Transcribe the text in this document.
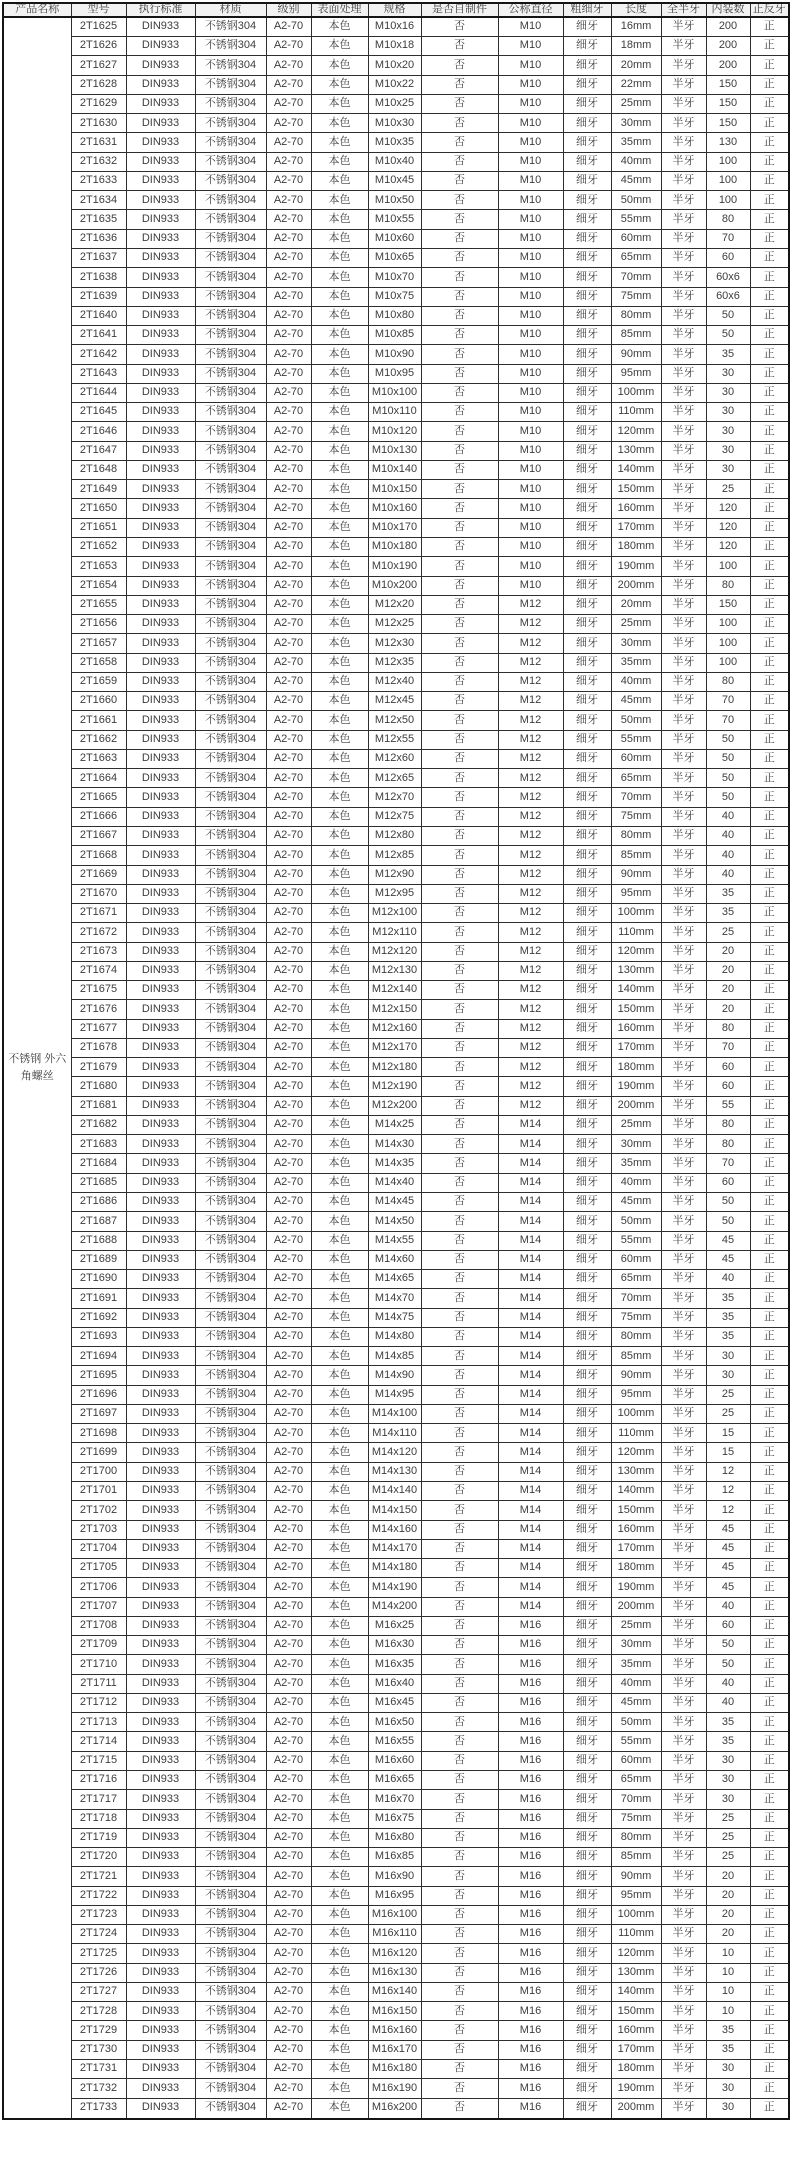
产品名称	型号	执行标准	材质	级别	表面处理	规格	是否自制件	公称直径	粗细牙	长度	全半牙	内装数	正反牙
不锈钢 外六角螺丝	2T1625	DIN933	不锈钢304	A2-70	本色	M10x16	否	M10	细牙	16mm	半牙	200	正
	2T1626	DIN933	不锈钢304	A2-70	本色	M10x18	否	M10	细牙	18mm	半牙	200	正
	2T1627	DIN933	不锈钢304	A2-70	本色	M10x20	否	M10	细牙	20mm	半牙	200	正
	2T1628	DIN933	不锈钢304	A2-70	本色	M10x22	否	M10	细牙	22mm	半牙	150	正
	2T1629	DIN933	不锈钢304	A2-70	本色	M10x25	否	M10	细牙	25mm	半牙	150	正
	2T1630	DIN933	不锈钢304	A2-70	本色	M10x30	否	M10	细牙	30mm	半牙	150	正
	2T1631	DIN933	不锈钢304	A2-70	本色	M10x35	否	M10	细牙	35mm	半牙	130	正
	2T1632	DIN933	不锈钢304	A2-70	本色	M10x40	否	M10	细牙	40mm	半牙	100	正
	2T1633	DIN933	不锈钢304	A2-70	本色	M10x45	否	M10	细牙	45mm	半牙	100	正
	2T1634	DIN933	不锈钢304	A2-70	本色	M10x50	否	M10	细牙	50mm	半牙	100	正
	2T1635	DIN933	不锈钢304	A2-70	本色	M10x55	否	M10	细牙	55mm	半牙	80	正
	2T1636	DIN933	不锈钢304	A2-70	本色	M10x60	否	M10	细牙	60mm	半牙	70	正
	2T1637	DIN933	不锈钢304	A2-70	本色	M10x65	否	M10	细牙	65mm	半牙	60	正
	2T1638	DIN933	不锈钢304	A2-70	本色	M10x70	否	M10	细牙	70mm	半牙	60x6	正
	2T1639	DIN933	不锈钢304	A2-70	本色	M10x75	否	M10	细牙	75mm	半牙	60x6	正
	2T1640	DIN933	不锈钢304	A2-70	本色	M10x80	否	M10	细牙	80mm	半牙	50	正
	2T1641	DIN933	不锈钢304	A2-70	本色	M10x85	否	M10	细牙	85mm	半牙	50	正
	2T1642	DIN933	不锈钢304	A2-70	本色	M10x90	否	M10	细牙	90mm	半牙	35	正
	2T1643	DIN933	不锈钢304	A2-70	本色	M10x95	否	M10	细牙	95mm	半牙	30	正
	2T1644	DIN933	不锈钢304	A2-70	本色	M10x100	否	M10	细牙	100mm	半牙	30	正
	2T1645	DIN933	不锈钢304	A2-70	本色	M10x110	否	M10	细牙	110mm	半牙	30	正
	2T1646	DIN933	不锈钢304	A2-70	本色	M10x120	否	M10	细牙	120mm	半牙	30	正
	2T1647	DIN933	不锈钢304	A2-70	本色	M10x130	否	M10	细牙	130mm	半牙	30	正
	2T1648	DIN933	不锈钢304	A2-70	本色	M10x140	否	M10	细牙	140mm	半牙	30	正
	2T1649	DIN933	不锈钢304	A2-70	本色	M10x150	否	M10	细牙	150mm	半牙	25	正
	2T1650	DIN933	不锈钢304	A2-70	本色	M10x160	否	M10	细牙	160mm	半牙	120	正
	2T1651	DIN933	不锈钢304	A2-70	本色	M10x170	否	M10	细牙	170mm	半牙	120	正
	2T1652	DIN933	不锈钢304	A2-70	本色	M10x180	否	M10	细牙	180mm	半牙	120	正
	2T1653	DIN933	不锈钢304	A2-70	本色	M10x190	否	M10	细牙	190mm	半牙	100	正
	2T1654	DIN933	不锈钢304	A2-70	本色	M10x200	否	M10	细牙	200mm	半牙	80	正
	2T1655	DIN933	不锈钢304	A2-70	本色	M12x20	否	M12	细牙	20mm	半牙	150	正
	2T1656	DIN933	不锈钢304	A2-70	本色	M12x25	否	M12	细牙	25mm	半牙	100	正
	2T1657	DIN933	不锈钢304	A2-70	本色	M12x30	否	M12	细牙	30mm	半牙	100	正
	2T1658	DIN933	不锈钢304	A2-70	本色	M12x35	否	M12	细牙	35mm	半牙	100	正
	2T1659	DIN933	不锈钢304	A2-70	本色	M12x40	否	M12	细牙	40mm	半牙	80	正
	2T1660	DIN933	不锈钢304	A2-70	本色	M12x45	否	M12	细牙	45mm	半牙	70	正
	2T1661	DIN933	不锈钢304	A2-70	本色	M12x50	否	M12	细牙	50mm	半牙	70	正
	2T1662	DIN933	不锈钢304	A2-70	本色	M12x55	否	M12	细牙	55mm	半牙	50	正
	2T1663	DIN933	不锈钢304	A2-70	本色	M12x60	否	M12	细牙	60mm	半牙	50	正
	2T1664	DIN933	不锈钢304	A2-70	本色	M12x65	否	M12	细牙	65mm	半牙	50	正
	2T1665	DIN933	不锈钢304	A2-70	本色	M12x70	否	M12	细牙	70mm	半牙	50	正
	2T1666	DIN933	不锈钢304	A2-70	本色	M12x75	否	M12	细牙	75mm	半牙	40	正
	2T1667	DIN933	不锈钢304	A2-70	本色	M12x80	否	M12	细牙	80mm	半牙	40	正
	2T1668	DIN933	不锈钢304	A2-70	本色	M12x85	否	M12	细牙	85mm	半牙	40	正
	2T1669	DIN933	不锈钢304	A2-70	本色	M12x90	否	M12	细牙	90mm	半牙	40	正
	2T1670	DIN933	不锈钢304	A2-70	本色	M12x95	否	M12	细牙	95mm	半牙	35	正
	2T1671	DIN933	不锈钢304	A2-70	本色	M12x100	否	M12	细牙	100mm	半牙	35	正
	2T1672	DIN933	不锈钢304	A2-70	本色	M12x110	否	M12	细牙	110mm	半牙	25	正
	2T1673	DIN933	不锈钢304	A2-70	本色	M12x120	否	M12	细牙	120mm	半牙	20	正
	2T1674	DIN933	不锈钢304	A2-70	本色	M12x130	否	M12	细牙	130mm	半牙	20	正
	2T1675	DIN933	不锈钢304	A2-70	本色	M12x140	否	M12	细牙	140mm	半牙	20	正
	2T1676	DIN933	不锈钢304	A2-70	本色	M12x150	否	M12	细牙	150mm	半牙	20	正
	2T1677	DIN933	不锈钢304	A2-70	本色	M12x160	否	M12	细牙	160mm	半牙	80	正
	2T1678	DIN933	不锈钢304	A2-70	本色	M12x170	否	M12	细牙	170mm	半牙	70	正
	2T1679	DIN933	不锈钢304	A2-70	本色	M12x180	否	M12	细牙	180mm	半牙	60	正
	2T1680	DIN933	不锈钢304	A2-70	本色	M12x190	否	M12	细牙	190mm	半牙	60	正
	2T1681	DIN933	不锈钢304	A2-70	本色	M12x200	否	M12	细牙	200mm	半牙	55	正
	2T1682	DIN933	不锈钢304	A2-70	本色	M14x25	否	M14	细牙	25mm	半牙	80	正
	2T1683	DIN933	不锈钢304	A2-70	本色	M14x30	否	M14	细牙	30mm	半牙	80	正
	2T1684	DIN933	不锈钢304	A2-70	本色	M14x35	否	M14	细牙	35mm	半牙	70	正
	2T1685	DIN933	不锈钢304	A2-70	本色	M14x40	否	M14	细牙	40mm	半牙	60	正
	2T1686	DIN933	不锈钢304	A2-70	本色	M14x45	否	M14	细牙	45mm	半牙	50	正
	2T1687	DIN933	不锈钢304	A2-70	本色	M14x50	否	M14	细牙	50mm	半牙	50	正
	2T1688	DIN933	不锈钢304	A2-70	本色	M14x55	否	M14	细牙	55mm	半牙	45	正
	2T1689	DIN933	不锈钢304	A2-70	本色	M14x60	否	M14	细牙	60mm	半牙	45	正
	2T1690	DIN933	不锈钢304	A2-70	本色	M14x65	否	M14	细牙	65mm	半牙	40	正
	2T1691	DIN933	不锈钢304	A2-70	本色	M14x70	否	M14	细牙	70mm	半牙	35	正
	2T1692	DIN933	不锈钢304	A2-70	本色	M14x75	否	M14	细牙	75mm	半牙	35	正
	2T1693	DIN933	不锈钢304	A2-70	本色	M14x80	否	M14	细牙	80mm	半牙	35	正
	2T1694	DIN933	不锈钢304	A2-70	本色	M14x85	否	M14	细牙	85mm	半牙	30	正
	2T1695	DIN933	不锈钢304	A2-70	本色	M14x90	否	M14	细牙	90mm	半牙	30	正
	2T1696	DIN933	不锈钢304	A2-70	本色	M14x95	否	M14	细牙	95mm	半牙	25	正
	2T1697	DIN933	不锈钢304	A2-70	本色	M14x100	否	M14	细牙	100mm	半牙	25	正
	2T1698	DIN933	不锈钢304	A2-70	本色	M14x110	否	M14	细牙	110mm	半牙	15	正
	2T1699	DIN933	不锈钢304	A2-70	本色	M14x120	否	M14	细牙	120mm	半牙	15	正
	2T1700	DIN933	不锈钢304	A2-70	本色	M14x130	否	M14	细牙	130mm	半牙	12	正
	2T1701	DIN933	不锈钢304	A2-70	本色	M14x140	否	M14	细牙	140mm	半牙	12	正
	2T1702	DIN933	不锈钢304	A2-70	本色	M14x150	否	M14	细牙	150mm	半牙	12	正
	2T1703	DIN933	不锈钢304	A2-70	本色	M14x160	否	M14	细牙	160mm	半牙	45	正
	2T1704	DIN933	不锈钢304	A2-70	本色	M14x170	否	M14	细牙	170mm	半牙	45	正
	2T1705	DIN933	不锈钢304	A2-70	本色	M14x180	否	M14	细牙	180mm	半牙	45	正
	2T1706	DIN933	不锈钢304	A2-70	本色	M14x190	否	M14	细牙	190mm	半牙	45	正
	2T1707	DIN933	不锈钢304	A2-70	本色	M14x200	否	M14	细牙	200mm	半牙	40	正
	2T1708	DIN933	不锈钢304	A2-70	本色	M16x25	否	M16	细牙	25mm	半牙	60	正
	2T1709	DIN933	不锈钢304	A2-70	本色	M16x30	否	M16	细牙	30mm	半牙	50	正
	2T1710	DIN933	不锈钢304	A2-70	本色	M16x35	否	M16	细牙	35mm	半牙	50	正
	2T1711	DIN933	不锈钢304	A2-70	本色	M16x40	否	M16	细牙	40mm	半牙	40	正
	2T1712	DIN933	不锈钢304	A2-70	本色	M16x45	否	M16	细牙	45mm	半牙	40	正
	2T1713	DIN933	不锈钢304	A2-70	本色	M16x50	否	M16	细牙	50mm	半牙	35	正
	2T1714	DIN933	不锈钢304	A2-70	本色	M16x55	否	M16	细牙	55mm	半牙	35	正
	2T1715	DIN933	不锈钢304	A2-70	本色	M16x60	否	M16	细牙	60mm	半牙	30	正
	2T1716	DIN933	不锈钢304	A2-70	本色	M16x65	否	M16	细牙	65mm	半牙	30	正
	2T1717	DIN933	不锈钢304	A2-70	本色	M16x70	否	M16	细牙	70mm	半牙	30	正
	2T1718	DIN933	不锈钢304	A2-70	本色	M16x75	否	M16	细牙	75mm	半牙	25	正
	2T1719	DIN933	不锈钢304	A2-70	本色	M16x80	否	M16	细牙	80mm	半牙	25	正
	2T1720	DIN933	不锈钢304	A2-70	本色	M16x85	否	M16	细牙	85mm	半牙	25	正
	2T1721	DIN933	不锈钢304	A2-70	本色	M16x90	否	M16	细牙	90mm	半牙	20	正
	2T1722	DIN933	不锈钢304	A2-70	本色	M16x95	否	M16	细牙	95mm	半牙	20	正
	2T1723	DIN933	不锈钢304	A2-70	本色	M16x100	否	M16	细牙	100mm	半牙	20	正
	2T1724	DIN933	不锈钢304	A2-70	本色	M16x110	否	M16	细牙	110mm	半牙	20	正
	2T1725	DIN933	不锈钢304	A2-70	本色	M16x120	否	M16	细牙	120mm	半牙	10	正
	2T1726	DIN933	不锈钢304	A2-70	本色	M16x130	否	M16	细牙	130mm	半牙	10	正
	2T1727	DIN933	不锈钢304	A2-70	本色	M16x140	否	M16	细牙	140mm	半牙	10	正
	2T1728	DIN933	不锈钢304	A2-70	本色	M16x150	否	M16	细牙	150mm	半牙	10	正
	2T1729	DIN933	不锈钢304	A2-70	本色	M16x160	否	M16	细牙	160mm	半牙	35	正
	2T1730	DIN933	不锈钢304	A2-70	本色	M16x170	否	M16	细牙	170mm	半牙	35	正
	2T1731	DIN933	不锈钢304	A2-70	本色	M16x180	否	M16	细牙	180mm	半牙	30	正
	2T1732	DIN933	不锈钢304	A2-70	本色	M16x190	否	M16	细牙	190mm	半牙	30	正
	2T1733	DIN933	不锈钢304	A2-70	本色	M16x200	否	M16	细牙	200mm	半牙	30	正
